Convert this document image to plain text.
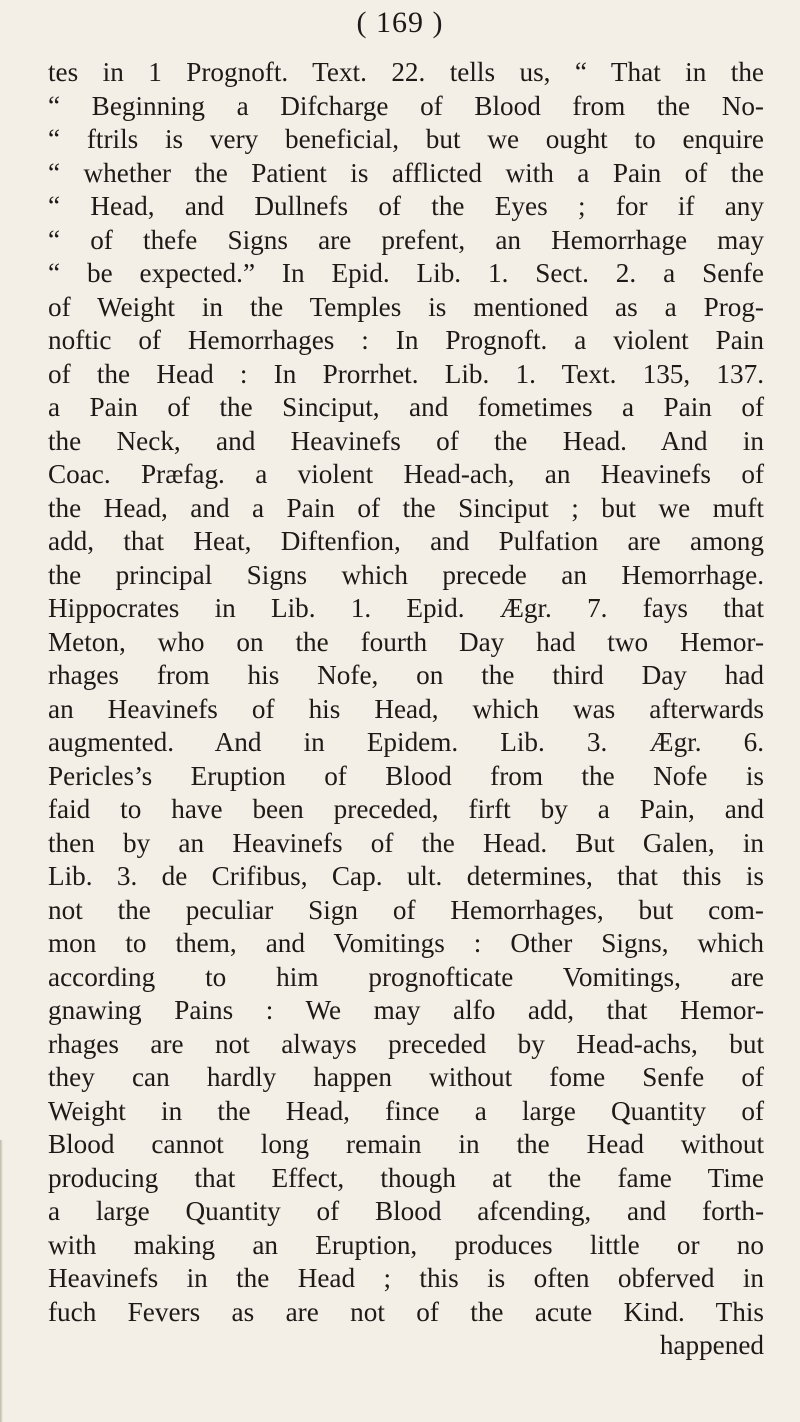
( 169 )
tes in 1 Prognoft. Text. 22. tells us, “ That in the
“ Beginning a Difcharge of Blood from the No-
“ ftrils is very beneficial, but we ought to enquire
“ whether the Patient is afflicted with a Pain of the
“ Head, and Dullnefs of the Eyes ; for if any
“ of thefe Signs are prefent, an Hemorrhage may
“ be expected.” In Epid. Lib. 1. Sect. 2. a Senfe
of Weight in the Temples is mentioned as a Prog-
noftic of Hemorrhages : In Prognoft. a violent Pain
of the Head : In Prorrhet. Lib. 1. Text. 135, 137.
a Pain of the Sinciput, and fometimes a Pain of
the Neck, and Heavinefs of the Head. And in
Coac. Præfag. a violent Head-ach, an Heavinefs of
the Head, and a Pain of the Sinciput ; but we muft
add, that Heat, Diftenfion, and Pulfation are among
the principal Signs which precede an Hemorrhage.
Hippocrates in Lib. 1. Epid. Ægr. 7. fays that
Meton, who on the fourth Day had two Hemor-
rhages from his Nofe, on the third Day had
an Heavinefs of his Head, which was afterwards
augmented. And in Epidem. Lib. 3. Ægr. 6.
Pericles’s Eruption of Blood from the Nofe is
faid to have been preceded, firft by a Pain, and
then by an Heavinefs of the Head. But Galen, in
Lib. 3. de Crifibus, Cap. ult. determines, that this is
not the peculiar Sign of Hemorrhages, but com-
mon to them, and Vomitings : Other Signs, which
according to him prognofticate Vomitings, are
gnawing Pains : We may alfo add, that Hemor-
rhages are not always preceded by Head-achs, but
they can hardly happen without fome Senfe of
Weight in the Head, fince a large Quantity of
Blood cannot long remain in the Head without
producing that Effect, though at the fame Time
a large Quantity of Blood afcending, and forth-
with making an Eruption, produces little or no
Heavinefs in the Head ; this is often obferved in
fuch Fevers as are not of the acute Kind. This
happened
